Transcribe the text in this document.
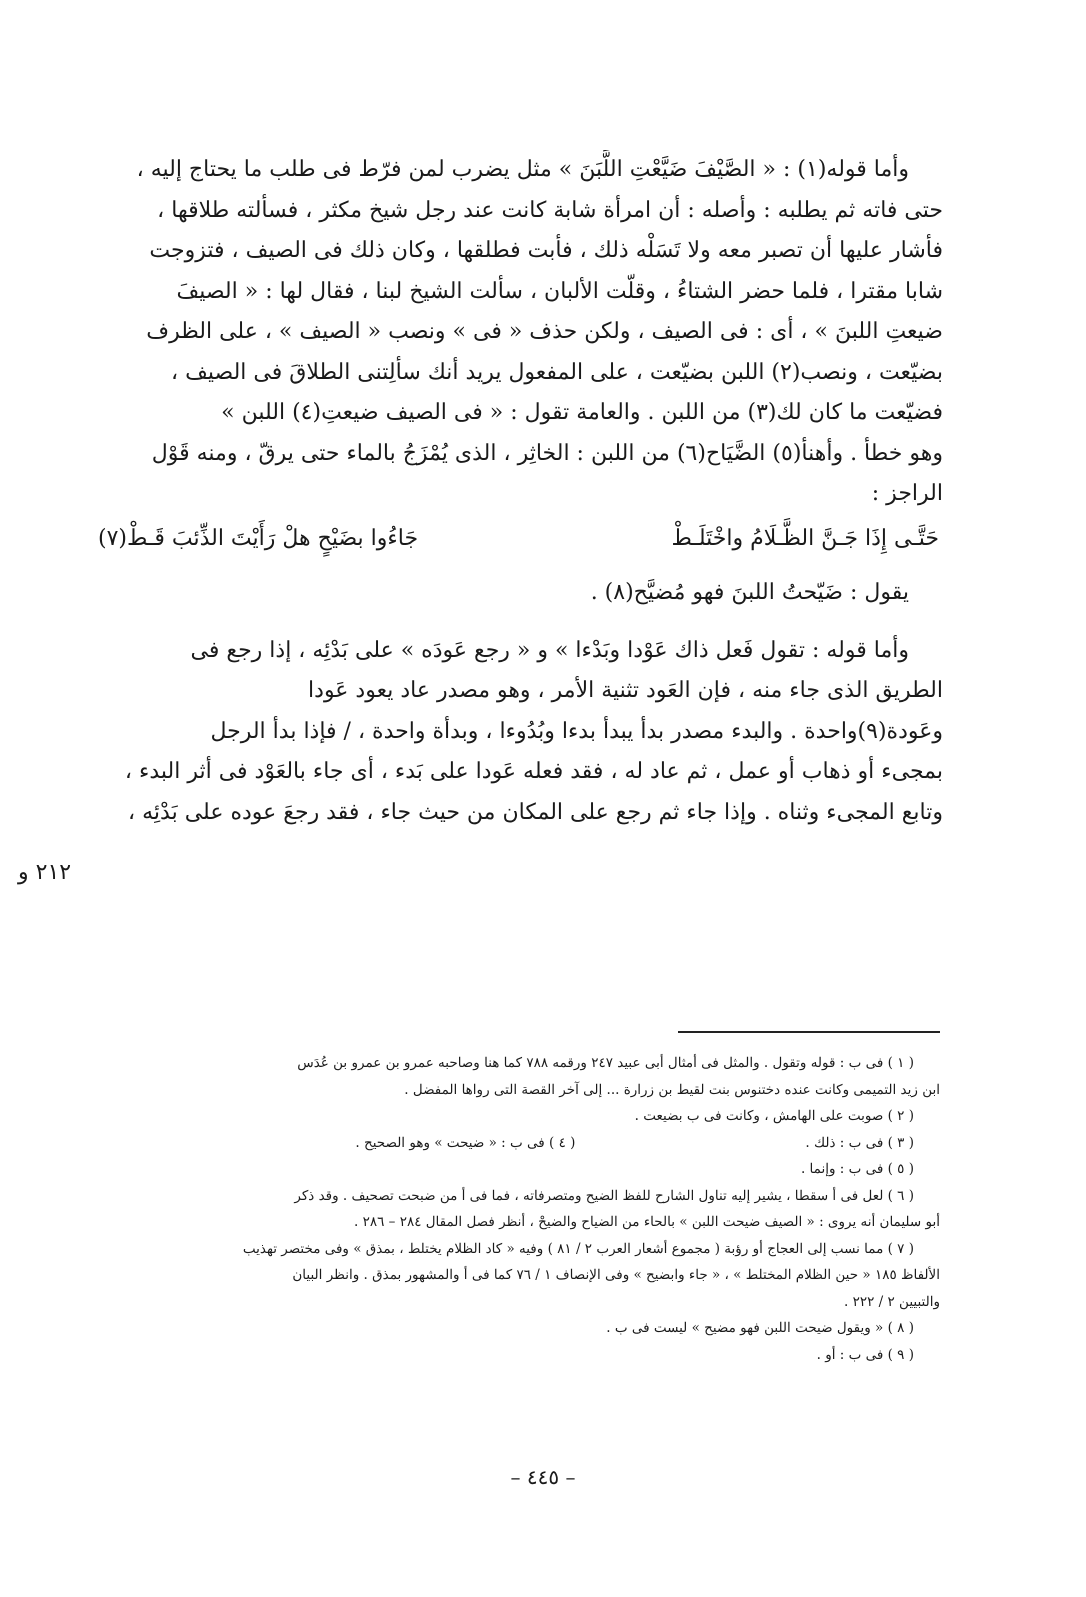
وأما قوله(١) : « الصَّيْفَ ضَيَّعْتِ اللَّبَنَ » مثل يضرب لمن فرّط فى طلب ما يحتاج إليه ،
حتى فاته ثم يطلبه : وأصله : أن امرأة شابة كانت عند رجل شيخ مكثر ، فسألته طلاقها ،
فأشار عليها أن تصبر معه ولا تَسَلْه ذلك ، فأبت فطلقها ، وكان ذلك فى الصيف ، فتزوجت
شابا مقترا ، فلما حضر الشتاءُ ، وقلّت الألبان ، سألت الشيخ لبنا ، فقال لها : « الصيفَ
ضيعتِ اللبنَ » ، أى : فى الصيف ، ولكن حذف « فى » ونصب « الصيف » ، على الظرف
بضيّعت ، ونصب(٢) اللبن بضيّعت ، على المفعول يريد أنك سألِتنى الطلاقَ فى الصيف ،
فضيّعت ما كان لك(٣) من اللبن . والعامة تقول : « فى الصيف ضيعتِ(٤) اللبن »
وهو خطأ . وأهنأ(٥) الضَّيَاح(٦) من اللبن : الخاثِر ، الذى يُمْزَجُ بالماء حتى يرقّ ، ومنه قَوْل
الراجز :
حَتَّـى إِذَا جَـنَّ الظَّـلَامُ واخْتَلَـطْ
جَاءُوا بضَيْحٍ هلْ رَأَيْتَ الذِّئبَ قَـطْ(٧)
يقول : ضَيّحتُ اللبنَ فهو مُضيَّح(٨) .
وأما قوله : تقول فَعل ذاك عَوْدا وبَدْءا » و « رجع عَودَه » على بَدْئِه ، إذا رجع فى
الطريق الذى جاء منه ، فإن العَود تثنية الأمر ، وهو مصدر عاد يعود عَودا
وعَودة(٩)واحدة . والبدء مصدر بدأ يبدأ بدءا وبُدُوءا ، وبدأة واحدة ، / فإذا بدأ الرجل
بمجىء أو ذهاب أو عمل ، ثم عاد له ، فقد فعله عَودا على بَدء ، أى جاء بالعَوْد فى أثر البدء ،
وتابع المجىء وثناه . وإذا جاء ثم رجع على المكان من حيث جاء ، فقد رجعَ عوده على بَدْئِه ،
٢١٢ و
( ١ ) فى ب : قوله وتقول . والمثل فى أمثال أبى عبيد ٢٤٧ ورقمه ٧٨٨ كما هنا وصاحبه عمرو بن عمرو بن عُدَس
ابن زيد التميمى وكانت عنده دختنوس بنت لقيط بن زرارة ... إلى آخر القصة التى رواها المفضل .
( ٢ ) صوبت على الهامش ، وكانت فى ب بضيعت .
( ٣ ) فى ب : ذلك .
( ٤ ) فى ب : « ضيحت » وهو الصحيح .
( ٥ ) فى ب : وإنما .
( ٦ ) لعل فى أ سقطا ، يشير إليه تناول الشارح للفظ الضيح ومتصرفاته ، فما فى أ من ضبحت تصحيف . وقد ذكر
أبو سليمان أنه يروى : « الصيف ضيحت اللبن » بالحاء من الضياح والضيحْ ، أنظر فصل المقال ٢٨٤ – ٢٨٦ .
( ٧ ) مما نسب إلى العجاج أو رؤبة ( مجموع أشعار العرب ٢ / ٨١ ) وفيه « كاد الظلام يختلط ، بمذق » وفى مختصر تهذيب
الألفاظ ١٨٥ « حين الظلام المختلط » ، « جاء وابضيح » وفى الإنصاف ١ / ٧٦ كما فى أ والمشهور بمذق . وانظر البيان
والتبيين ٢ / ٢٢٢ .
( ٨ ) « ويقول ضيحت اللبن فهو مضيح » ليست فى ب .
( ٩ ) فى ب : أو .
– ٤٤٥ –
